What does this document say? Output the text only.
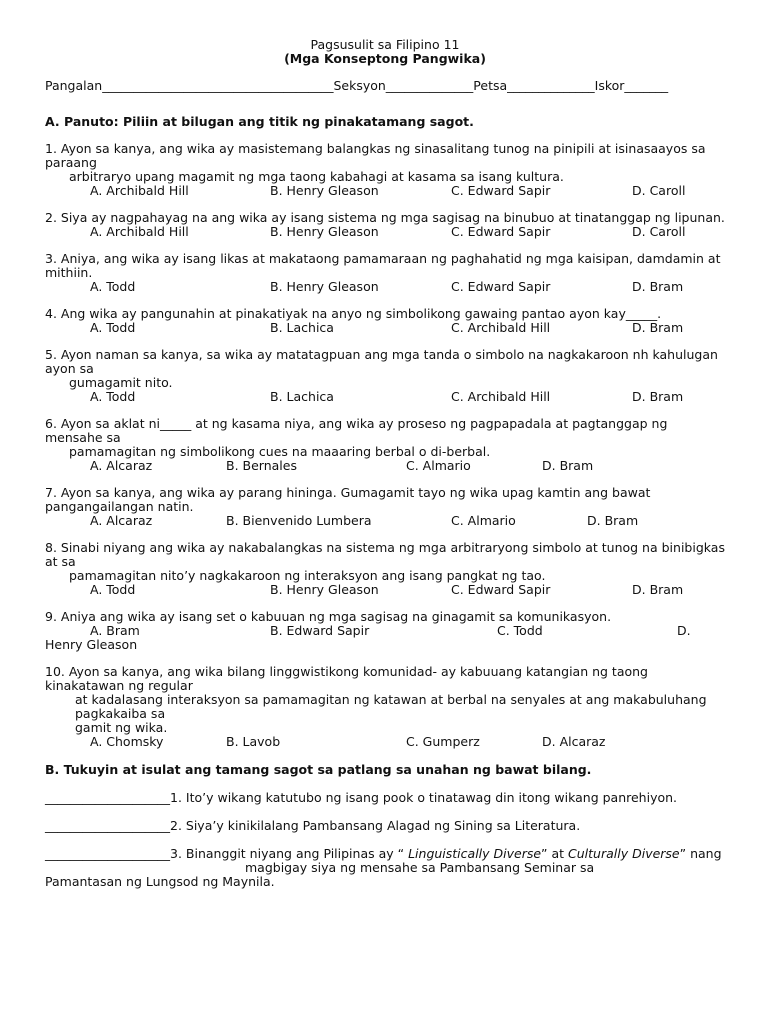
Pagsusulit sa Filipino 11
(Mga Konseptong Pangwika)
Pangalan_____________________________________Seksyon______________Petsa______________Iskor_______
A. Panuto: Piliin at bilugan ang titik ng pinakatamang sagot.
1. Ayon sa kanya, ang wika ay masistemang balangkas ng sinasalitang tunog na pinipili at isinasaayos sa paraang
arbitraryo upang magamit ng mga taong kabahagi at kasama sa isang kultura.
A. Archibald Hill	B. Henry Gleason	C. Edward Sapir	D. Caroll
2. Siya ay nagpahayag na ang wika ay isang sistema ng mga sagisag na binubuo at tinatanggap ng lipunan.
A. Archibald Hill	B. Henry Gleason	C. Edward Sapir	D. Caroll
3. Aniya, ang wika ay isang likas at makataong pamamaraan ng paghahatid ng mga kaisipan, damdamin at mithiin.
A. Todd	B. Henry Gleason	C. Edward Sapir	D. Bram
4. Ang wika ay pangunahin at pinakatiyak na anyo ng simbolikong gawaing pantao ayon kay_____.
A. Todd	B. Lachica	C. Archibald Hill	D. Bram
5. Ayon naman sa kanya, sa wika ay matatagpuan ang mga tanda o simbolo na nagkakaroon nh kahulugan ayon sa
gumagamit nito.
A. Todd	B. Lachica	C. Archibald Hill	D. Bram
6. Ayon sa aklat ni_____ at ng kasama niya, ang wika ay proseso ng pagpapadala at pagtanggap ng mensahe sa
pamamagitan ng simbolikong cues na maaaring berbal o di-berbal.
A. Alcaraz	B. Bernales	C. Almario	D. Bram
7. Ayon sa kanya, ang wika ay parang hininga. Gumagamit tayo ng wika upag kamtin ang bawat pangangailangan natin.
A. Alcaraz	B. Bienvenido Lumbera	C. Almario	D. Bram
8. Sinabi niyang ang wika ay nakabalangkas na sistema ng mga arbitraryong simbolo at tunog na binibigkas at sa
pamamagitan nito’y nagkakaroon ng interaksyon ang isang pangkat ng tao.
A. Todd	B. Henry Gleason	C. Edward Sapir	D. Bram
9. Aniya ang wika ay isang set o kabuuan ng mga sagisag na ginagamit sa komunikasyon.
A. Bram	B. Edward Sapir	C. Todd	D.
Henry Gleason
10. Ayon sa kanya, ang wika bilang linggwistikong komunidad- ay kabuuang katangian ng taong kinakatawan ng regular
at kadalasang interaksyon sa pamamagitan ng katawan at berbal na senyales at ang makabuluhang pagkakaiba sa
gamit ng wika.
A. Chomsky	B. Lavob	C. Gumperz	D. Alcaraz
B. Tukuyin at isulat ang tamang sagot sa patlang sa unahan ng bawat bilang.
____________________1. Ito’y wikang katutubo ng isang pook o tinatawag din itong wikang panrehiyon.
____________________2. Siya’y kinikilalang Pambansang Alagad ng Sining sa Literatura.
____________________3. Binanggit niyang ang Pilipinas ay “ Linguistically Diverse” at Culturally Diverse” nang
magbigay siya ng mensahe sa Pambansang Seminar sa
Pamantasan ng Lungsod ng Maynila.
